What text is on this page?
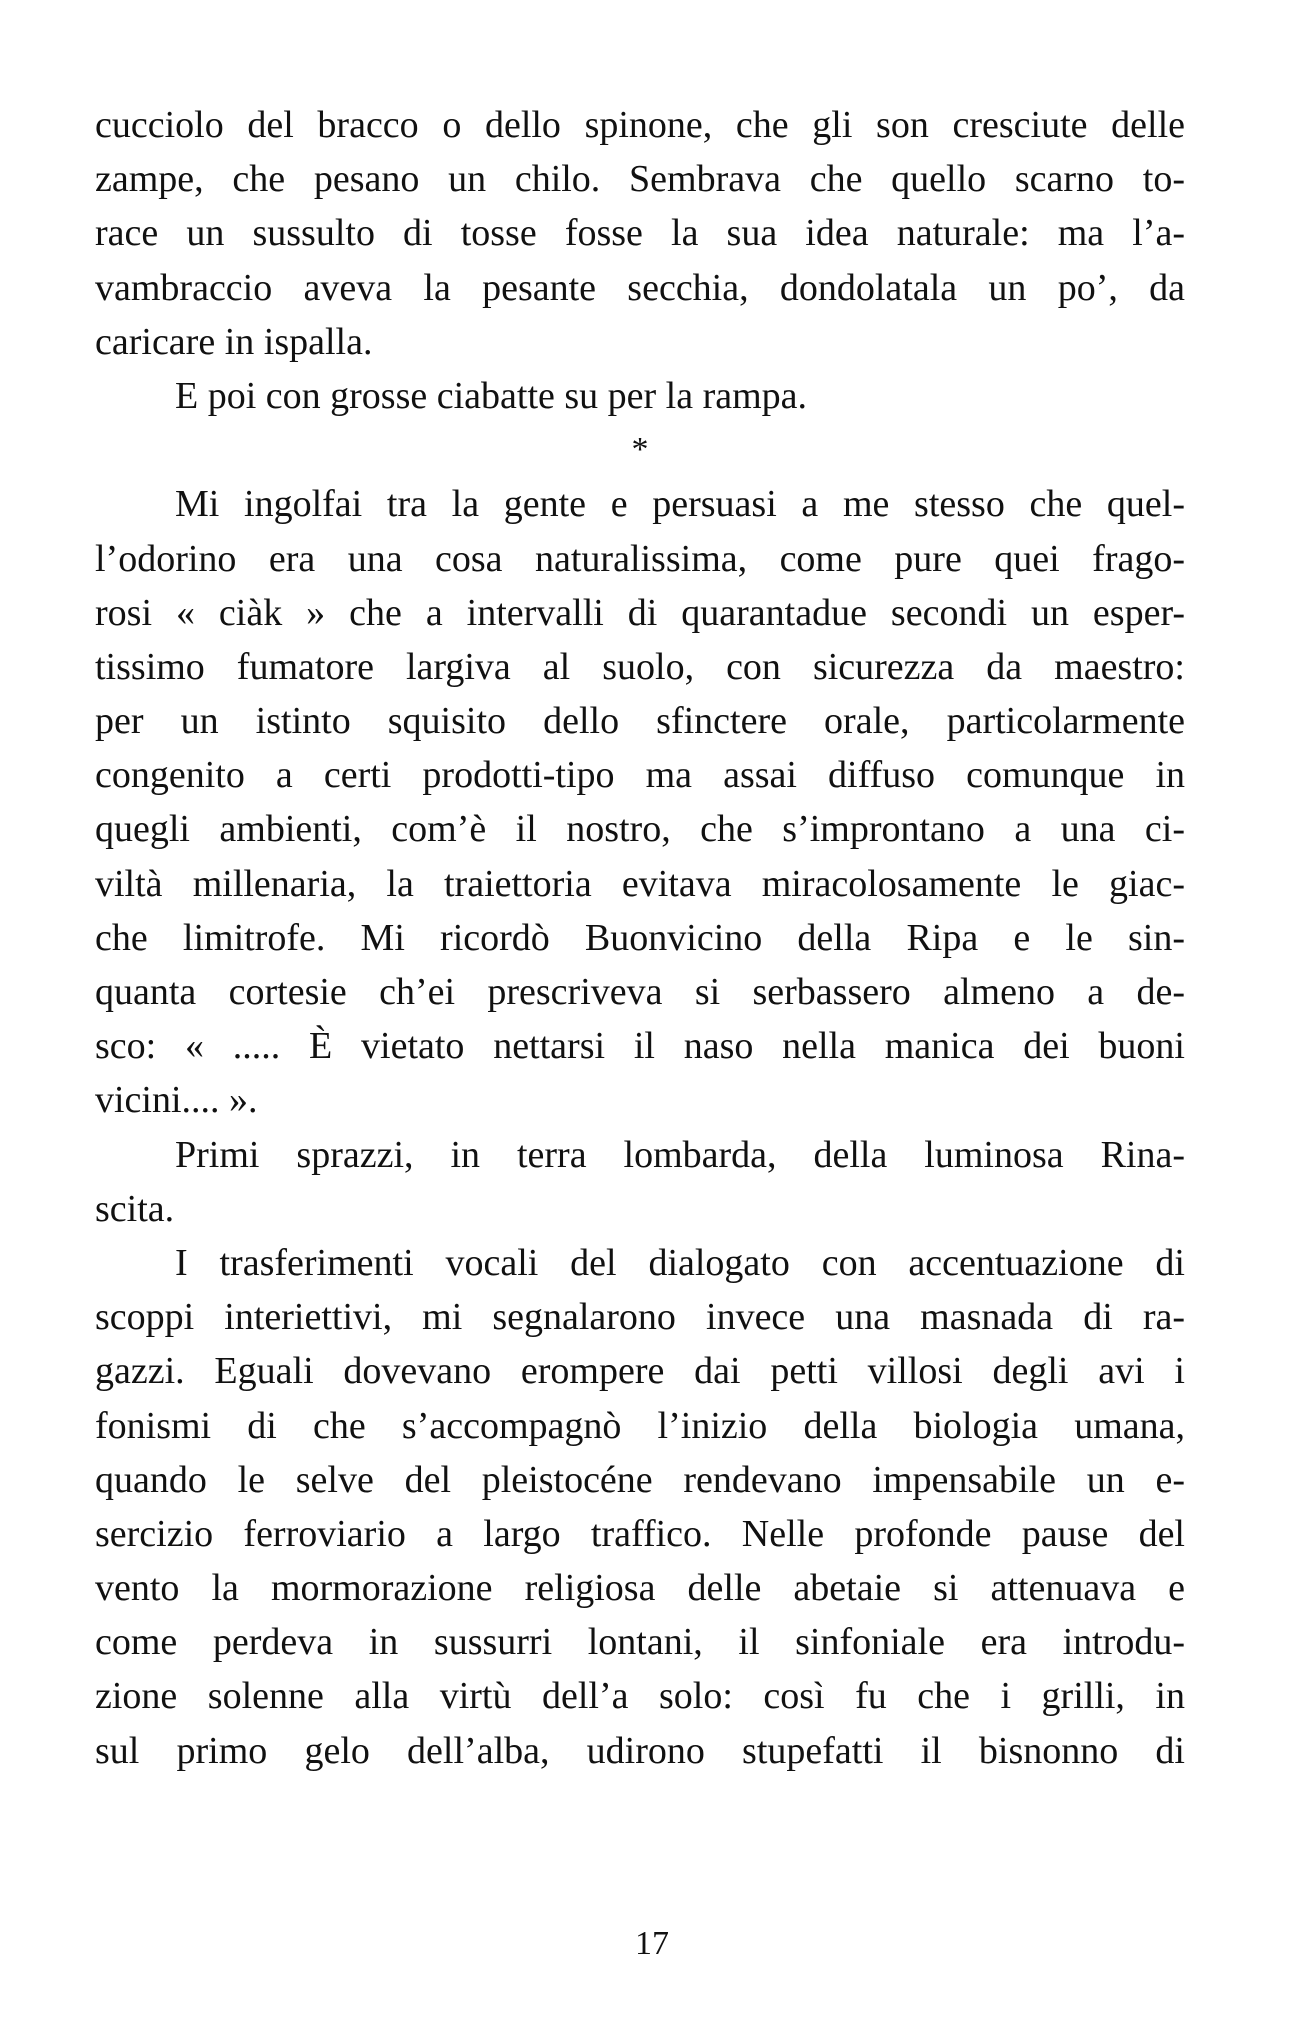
cucciolo del bracco o dello spinone, che gli son cresciute delle
zampe, che pesano un chilo. Sembrava che quello scarno to-
race un sussulto di tosse fosse la sua idea naturale: ma l’a-
vambraccio aveva la pesante secchia, dondolatala un po’, da
caricare in ispalla.
E poi con grosse ciabatte su per la rampa.
*
Mi ingolfai tra la gente e persuasi a me stesso che quel-
l’odorino era una cosa naturalissima, come pure quei frago-
rosi « ciàk » che a intervalli di quarantadue secondi un esper-
tissimo fumatore largiva al suolo, con sicurezza da maestro:
per un istinto squisito dello sfinctere orale, particolarmente
congenito a certi prodotti-tipo ma assai diffuso comunque in
quegli ambienti, com’è il nostro, che s’improntano a una ci-
viltà millenaria, la traiettoria evitava miracolosamente le giac-
che limitrofe. Mi ricordò Buonvicino della Ripa e le sin-
quanta cortesie ch’ei prescriveva si serbassero almeno a de-
sco: « ..... È vietato nettarsi il naso nella manica dei buoni
vicini.... ».
Primi sprazzi, in terra lombarda, della luminosa Rina-
scita.
I trasferimenti vocali del dialogato con accentuazione di
scoppi interiettivi, mi segnalarono invece una masnada di ra-
gazzi. Eguali dovevano erompere dai petti villosi degli avi i
fonismi di che s’accompagnò l’inizio della biologia umana,
quando le selve del pleistocéne rendevano impensabile un e-
sercizio ferroviario a largo traffico. Nelle profonde pause del
vento la mormorazione religiosa delle abetaie si attenuava e
come perdeva in sussurri lontani, il sinfoniale era introdu-
zione solenne alla virtù dell’a solo: così fu che i grilli, in
sul primo gelo dell’alba, udirono stupefatti il bisnonno di
17
